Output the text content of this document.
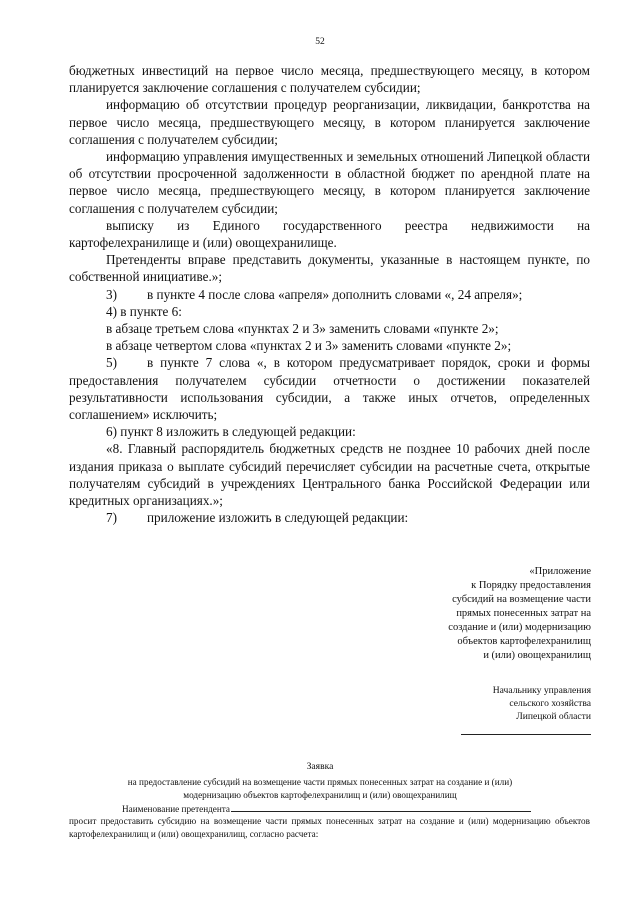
52

бюджетных инвестиций на первое число месяца, предшествующего месяцу, в котором планируется заключение соглашения с получателем субсидии;

информацию об отсутствии процедур реорганизации, ликвидации, банкротства на первое число месяца, предшествующего месяцу, в котором планируется заключение соглашения с получателем субсидии;

информацию управления имущественных и земельных отношений Липецкой области об отсутствии просроченной задолженности в областной бюджет по арендной плате на первое число месяца, предшествующего месяцу, в котором планируется заключение соглашения с получателем субсидии;

выписку из Единого государственного реестра недвижимости на картофелехранилище и (или) овощехранилище.

Претенденты вправе представить документы, указанные в настоящем пункте, по собственной инициативе.»;

3) в пункте 4 после слова «апреля» дополнить словами «, 24 апреля»;

4) в пункте 6:

в абзаце третьем слова «пунктах 2 и 3» заменить словами «пункте 2»;

в абзаце четвертом слова «пунктах 2 и 3» заменить словами «пункте 2»;

5) в пункте 7 слова «, в котором предусматривает порядок, сроки и формы предоставления получателем субсидии отчетности о достижении показателей результативности использования субсидии, а также иных отчетов, определенных соглашением» исключить;

6) пункт 8 изложить в следующей редакции:

«8. Главный распорядитель бюджетных средств не позднее 10 рабочих дней после издания приказа о выплате субсидий перечисляет субсидии на расчетные счета, открытые получателям субсидий в учреждениях Центрального банка Российской Федерации или кредитных организациях.»;

7) приложение изложить в следующей редакции:

«Приложение
к Порядку предоставления
субсидий на возмещение части
прямых понесенных затрат на
создание и (или) модернизацию
объектов картофелехранилищ
и (или) овощехранилищ
Начальнику управления
сельского хозяйства
Липецкой области
Заявка
на предоставление субсидий на возмещение части прямых понесенных затрат на создание и (или)
модернизацию объектов картофелехранилищ и (или) овощехранилищ
Наименование претендента
просит предоставить субсидию на возмещение части прямых понесенных затрат на создание и (или) модернизацию объектов картофелехранилищ и (или) овощехранилищ, согласно расчета:
